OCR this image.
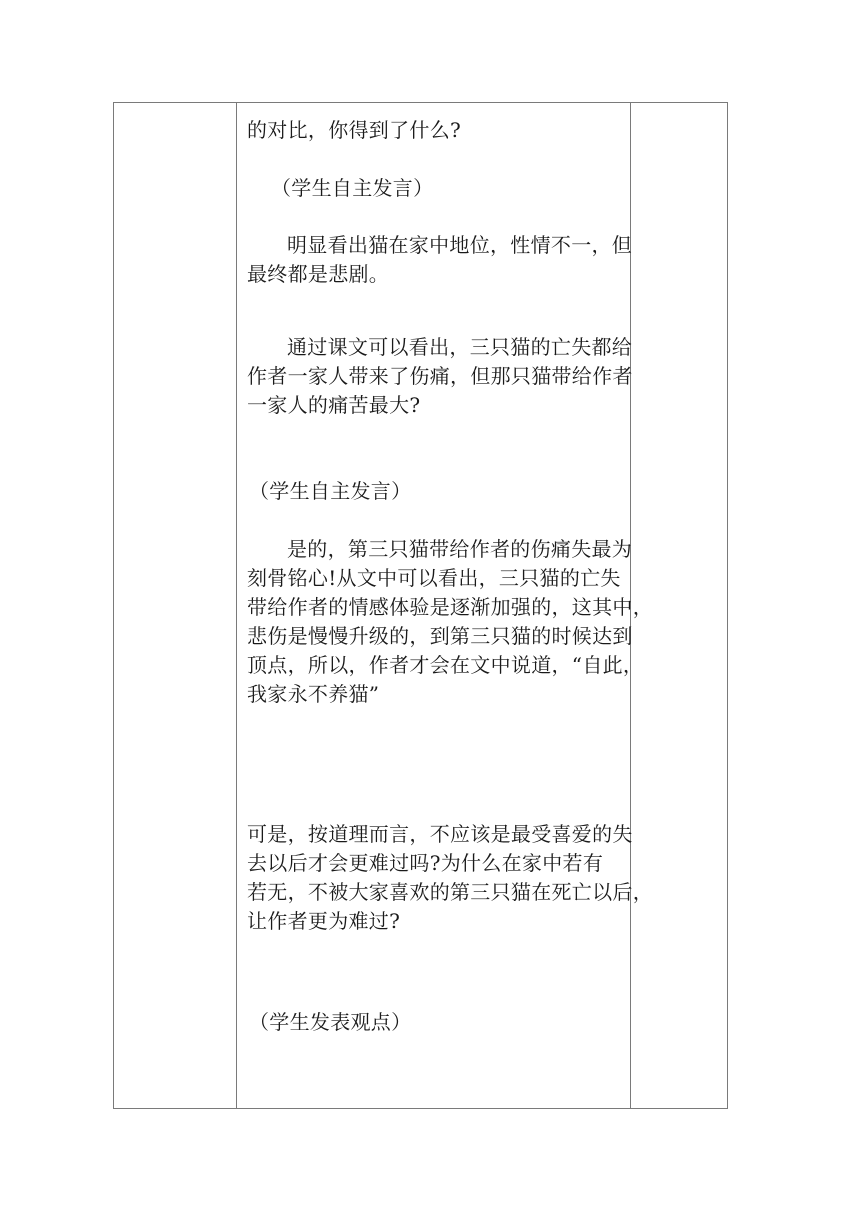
的对比，你得到了什么?
（学生自主发言）
明显看出猫在家中地位，性情不一，但
最终都是悲剧。
通过课文可以看出，三只猫的亡失都给
作者一家人带来了伤痛，但那只猫带给作者
一家人的痛苦最大?
（学生自主发言）
是的，第三只猫带给作者的伤痛失最为
刻骨铭心!从文中可以看出，三只猫的亡失
带给作者的情感体验是逐渐加强的，这其中，
悲伤是慢慢升级的，到第三只猫的时候达到
顶点，所以，作者才会在文中说道，“自此，
我家永不养猫”
可是，按道理而言，不应该是最受喜爱的失
去以后才会更难过吗?为什么在家中若有
若无，不被大家喜欢的第三只猫在死亡以后，
让作者更为难过?
（学生发表观点）
